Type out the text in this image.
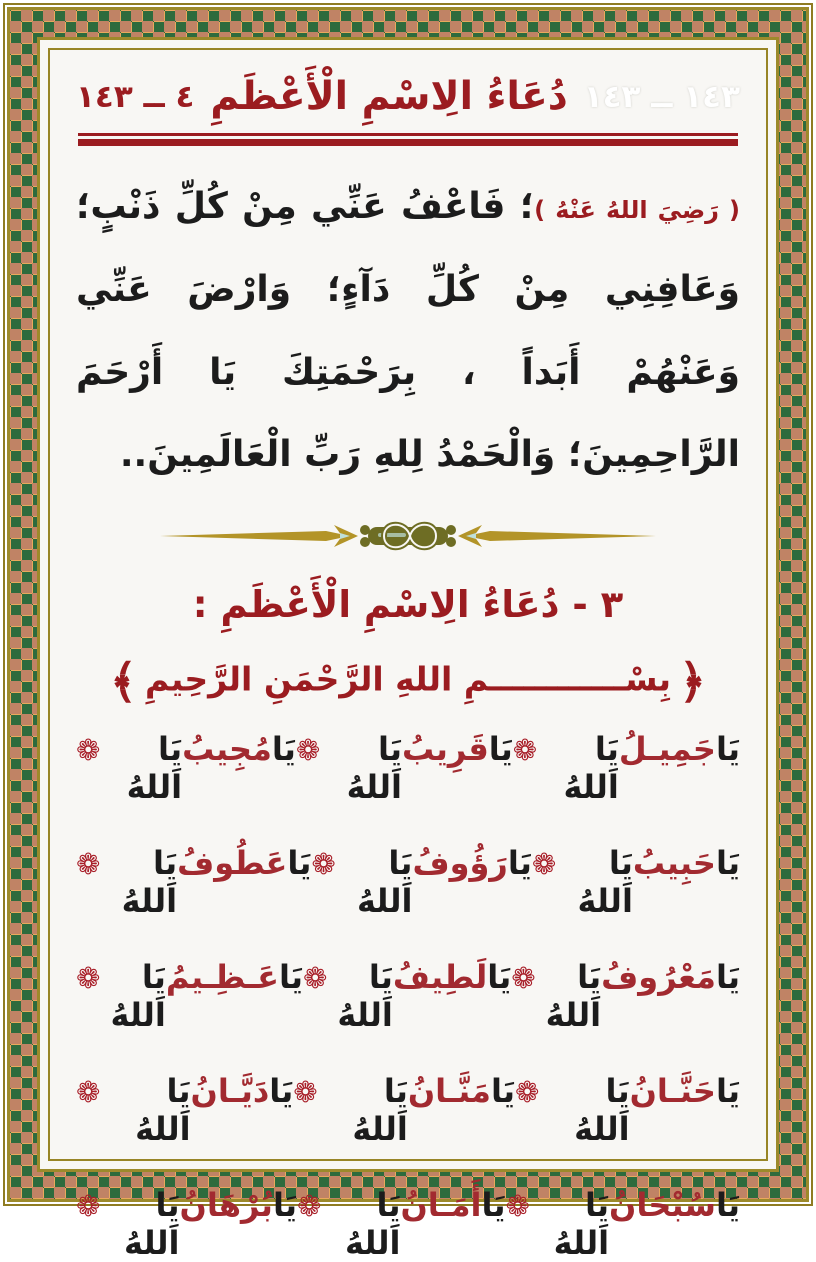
٤ ــ ١٤٣ دُعَاءُ الِاسْمِ الْأَعْظَمِ ١٤٣ ــ ١٤٣

( رَضِيَ اللهُ عَنْهُ )؛ فَاعْفُ عَنِّي مِنْ كُلِّ ذَنْبٍ؛ وَعَافِنِي مِنْ كُلِّ دَآءٍ؛ وَارْضَ عَنِّي وَعَنْهُمْ أَبَداً ، بِرَحْمَتِكَ يَا أَرْحَمَ الرَّاحِمِينَ؛ وَالْحَمْدُ لِلهِ رَبِّ الْعَالَمِينَ..

٣ - دُعَاءُ الِاسْمِ الْأَعْظَمِ :
﴿بِسْــــــــــــمِ اللهِ الرَّحْمَنِ الرَّحِيمِ﴾
يَا
جَمِيـلُ
يَا اَللهُ
❁
يَا
قَرِيبُ
يَا اَللهُ
❁
يَا
مُجِيبُ
يَا اَللهُ
❁
يَا
حَبِيبُ
يَا اَللهُ
❁
يَا
رَؤُوفُ
يَا اَللهُ
❁
يَا
عَطُوفُ
يَا اَللهُ
❁
يَا
مَعْرُوفُ
يَا اَللهُ
❁
يَا
لَطِيفُ
يَا اَللهُ
❁
يَا
عَـظِـيمُ
يَا اَللهُ
❁
يَا
حَنَّـانُ
يَا اَللهُ
❁
يَا
مَنَّـانُ
يَا اَللهُ
❁
يَا
دَيَّـانُ
يَا اَللهُ
❁
يَا
سُبْحَانُ
يَا اَللهُ
❁
يَا
أَمَـانُ
يَا اَللهُ
❁
يَا
بُرْهَانُ
يَا اَللهُ
❁
